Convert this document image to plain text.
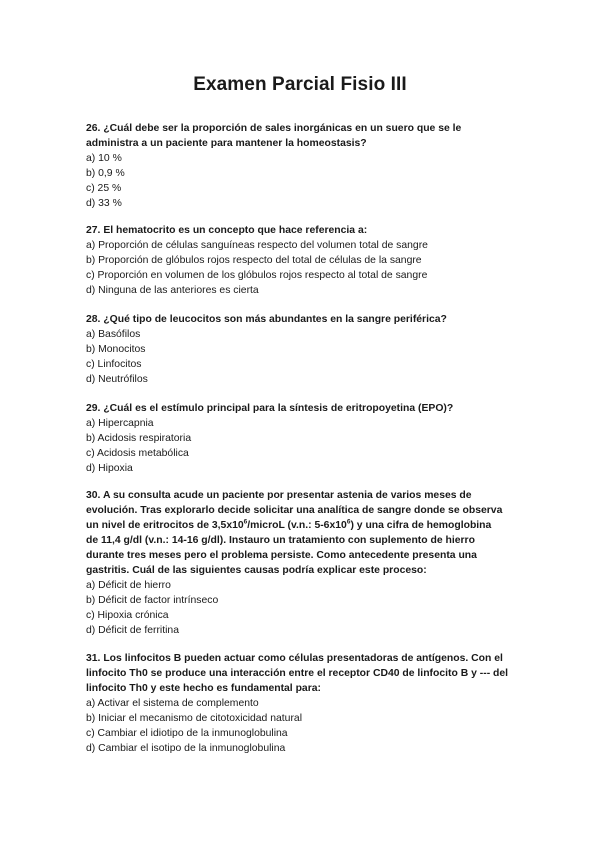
Examen Parcial Fisio III
26. ¿Cuál debe ser la proporción de sales inorgánicas en un suero que se le
administra a un paciente para mantener la homeostasis?
a) 10 %
b) 0,9 %
c) 25 %
d) 33 %
27. El hematocrito es un concepto que hace referencia a:
a) Proporción de células sanguíneas respecto del volumen total de sangre
b) Proporción de glóbulos rojos respecto del total de células de la sangre
c) Proporción en volumen de los glóbulos rojos respecto al total de sangre
d) Ninguna de las anteriores es cierta
28. ¿Qué tipo de leucocitos son más abundantes en la sangre periférica?
a) Basófilos
b) Monocitos
c) Linfocitos
d) Neutrófilos
29. ¿Cuál es el estímulo principal para la síntesis de eritropoyetina (EPO)?
a) Hipercapnia
b) Acidosis respiratoria
c) Acidosis metabólica
d) Hipoxia
30. A su consulta acude un paciente por presentar astenia de varios meses de
evolución. Tras explorarlo decide solicitar una analítica de sangre donde se observa
un nivel de eritrocitos de $3,5x10^6$/microL (v.n.: $5-6x10^6$) y una cifra de hemoglobina
de 11,4 g/dl (v.n.: 14-16 g/dl). Instauro un tratamiento con suplemento de hierro
durante tres meses pero el problema persiste. Como antecedente presenta una
gastritis. Cuál de las siguientes causas podría explicar este proceso:
a) Déficit de hierro
b) Déficit de factor intrínseco
c) Hipoxia crónica
d) Déficit de ferritina
31. Los linfocitos B pueden actuar como células presentadoras de antígenos. Con el
linfocito Th0 se produce una interacción entre el receptor CD40 de linfocito B y --- del
linfocito Th0 y este hecho es fundamental para:
a) Activar el sistema de complemento
b) Iniciar el mecanismo de citotoxicidad natural
c) Cambiar el idiotipo de la inmunoglobulina
d) Cambiar el isotipo de la inmunoglobulina
